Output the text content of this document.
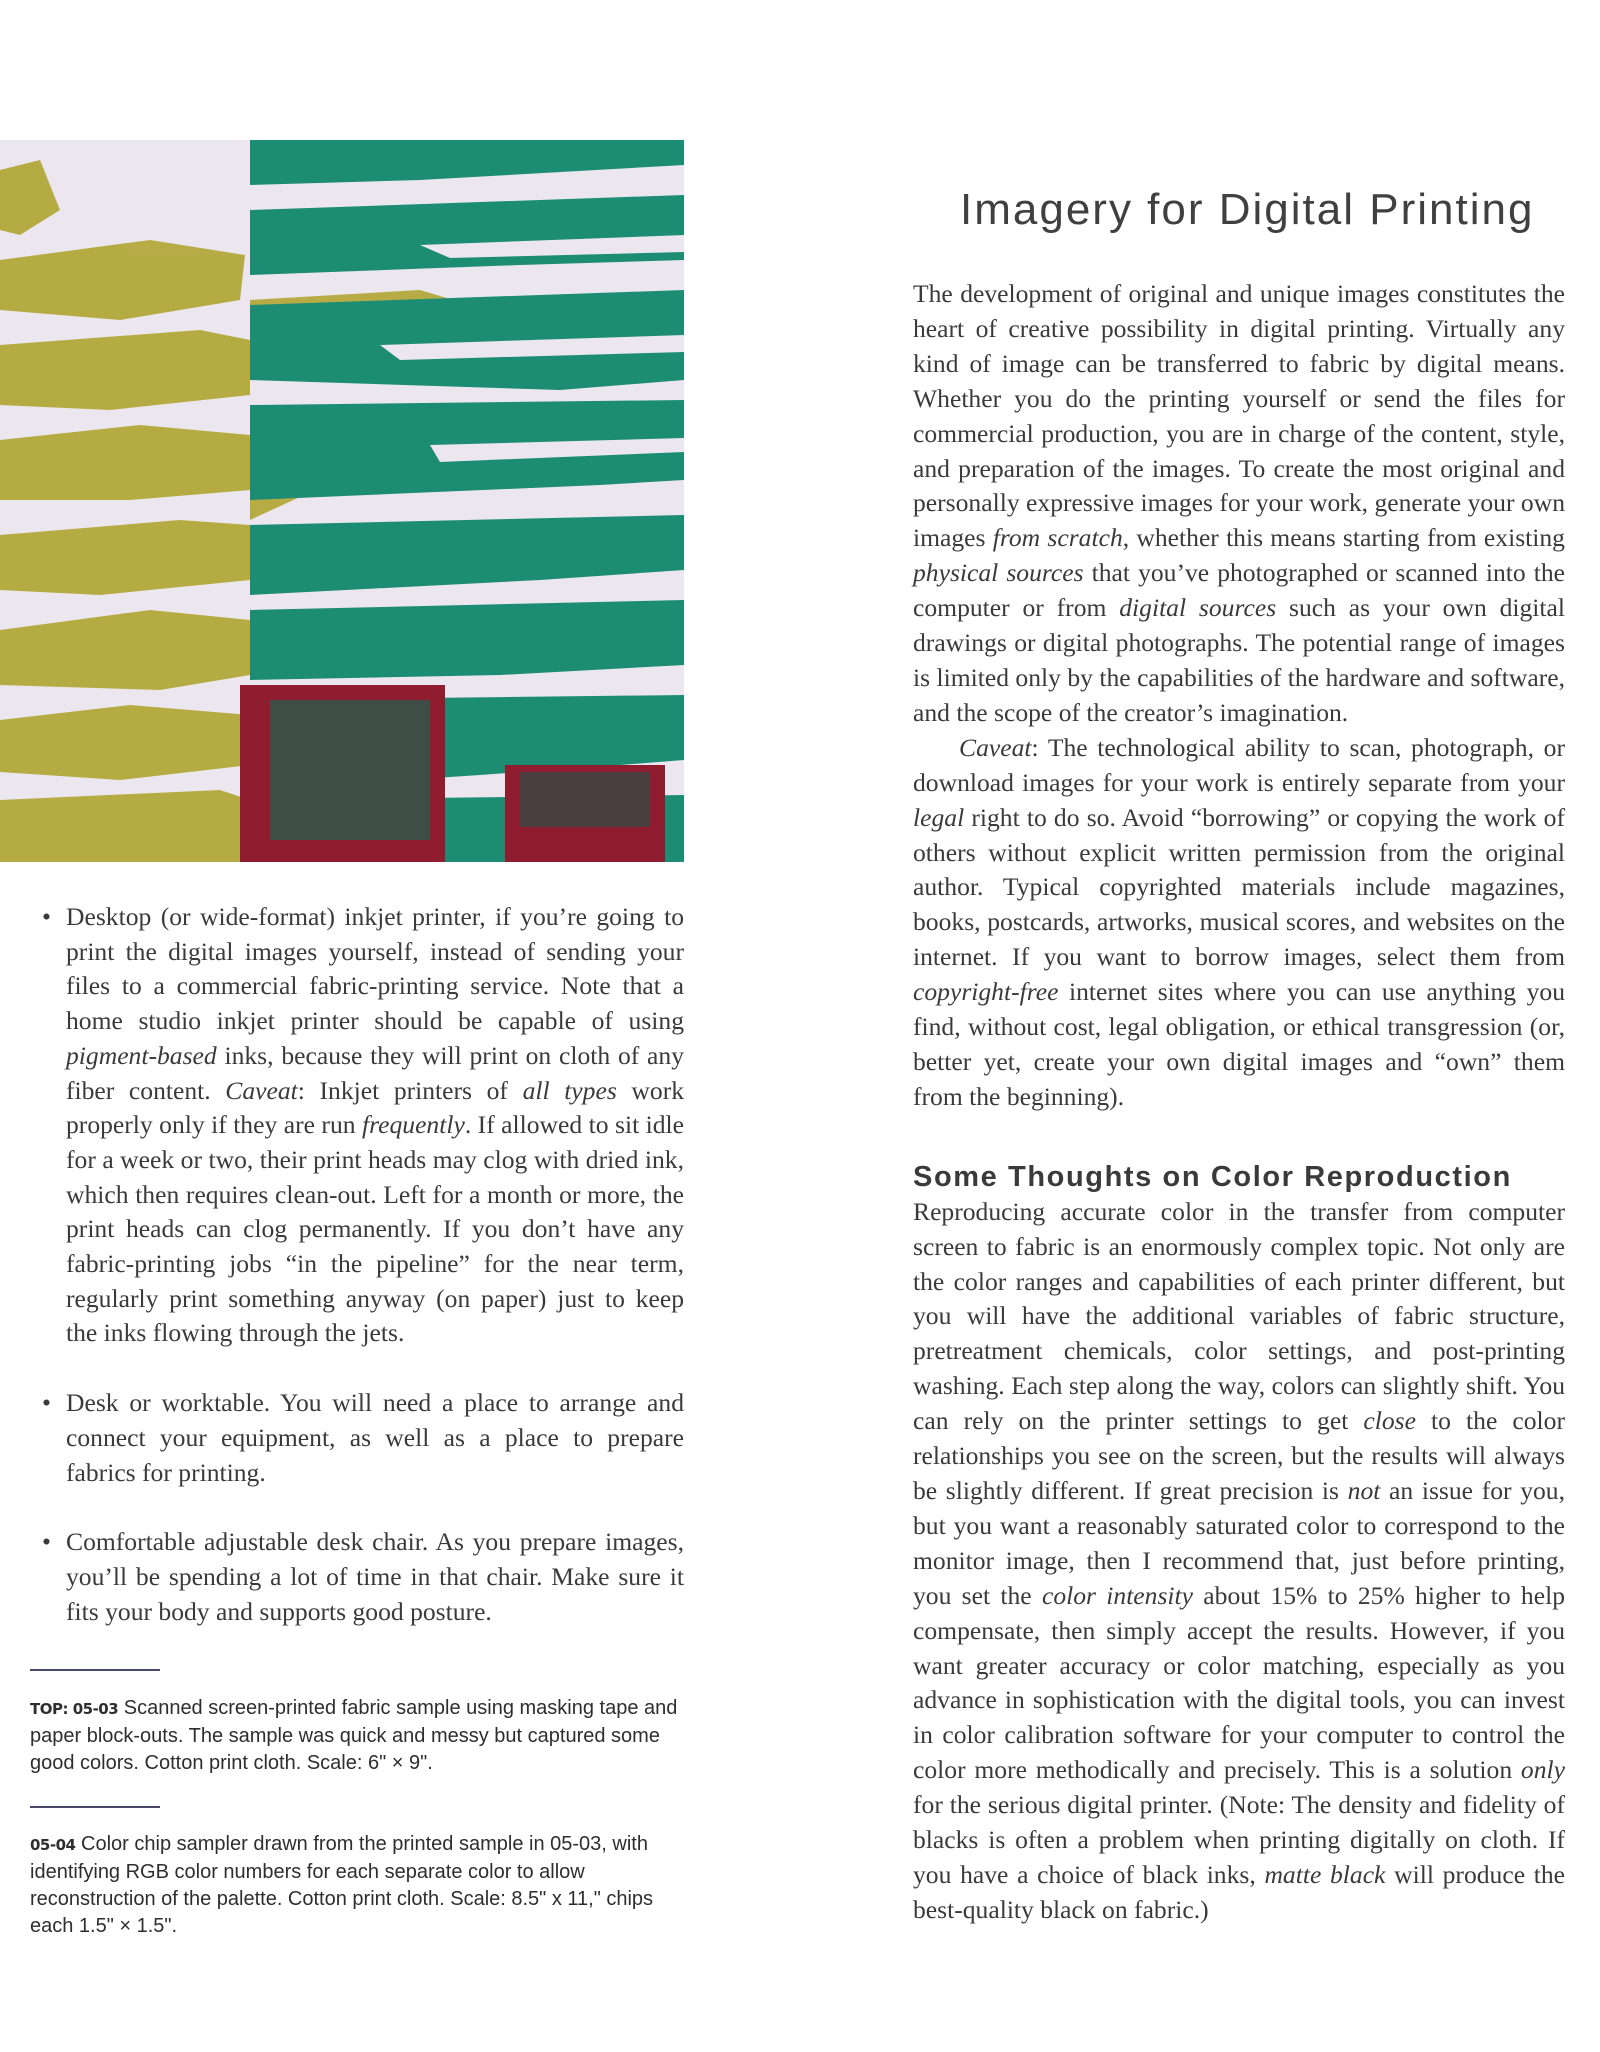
• Desktop (or wide-format) inkjet printer, if you’re going to print the digital images yourself, instead of sending your files to a commercial fabric-printing service. Note that a home studio inkjet printer should be capable of using pigment-based inks, because they will print on cloth of any fiber content. Caveat: Inkjet printers of all types work properly only if they are run frequently. If allowed to sit idle for a week or two, their print heads may clog with dried ink, which then requires clean-out. Left for a month or more, the print heads can clog permanently. If you don’t have any fabric-printing jobs “in the pipeline” for the near term, regularly print something anyway (on paper) just to keep the inks flowing through the jets.

• Desk or worktable. You will need a place to arrange and connect your equipment, as well as a place to prepare fabrics for printing.

• Comfortable adjustable desk chair. As you prepare images, you’ll be spending a lot of time in that chair. Make sure it fits your body and supports good posture.

TOP: 05-03 Scanned screen-printed fabric sample using masking tape and paper block-outs. The sample was quick and messy but captured some good colors. Cotton print cloth. Scale: 6" × 9".
05-04 Color chip sampler drawn from the printed sample in 05-03, with identifying RGB color numbers for each separate color to allow reconstruction of the palette. Cotton print cloth. Scale: 8.5" x 11," chips each 1.5" × 1.5".
Imagery for Digital Printing

The development of original and unique images constitutes the heart of creative possibility in digital printing. Virtually any kind of image can be transferred to fabric by digital means. Whether you do the printing yourself or send the files for commercial production, you are in charge of the content, style, and preparation of the images. To create the most original and personally expressive images for your work, generate your own images from scratch, whether this means starting from existing physical sources that you’ve photographed or scanned into the computer or from digital sources such as your own digital drawings or digital photographs. The potential range of images is limited only by the capabilities of the hardware and software, and the scope of the creator’s imagination.

Caveat: The technological ability to scan, photograph, or download images for your work is entirely separate from your legal right to do so. Avoid “borrowing” or copying the work of others without explicit written permission from the original author. Typical copyrighted materials include magazines, books, postcards, artworks, musical scores, and websites on the internet. If you want to borrow images, select them from copyright-free internet sites where you can use anything you find, without cost, legal obligation, or ethical transgression (or, better yet, create your own digital images and “own” them from the beginning).

Some Thoughts on Color Reproduction

Reproducing accurate color in the transfer from computer screen to fabric is an enormously complex topic. Not only are the color ranges and capabilities of each printer different, but you will have the additional variables of fabric structure, pretreatment chemicals, color settings, and post-printing washing. Each step along the way, colors can slightly shift. You can rely on the printer settings to get close to the color relationships you see on the screen, but the results will always be slightly different. If great precision is not an issue for you, but you want a reasonably saturated color to correspond to the monitor image, then I recommend that, just before printing, you set the color intensity about 15% to 25% higher to help compensate, then simply accept the results. However, if you want greater accuracy or color matching, especially as you advance in sophistication with the digital tools, you can invest in color calibration software for your computer to control the color more methodically and precisely. This is a solution only for the serious digital printer. (Note: The density and fidelity of blacks is often a problem when printing digitally on cloth. If you have a choice of black inks, matte black will produce the best-quality black on fabric.)
